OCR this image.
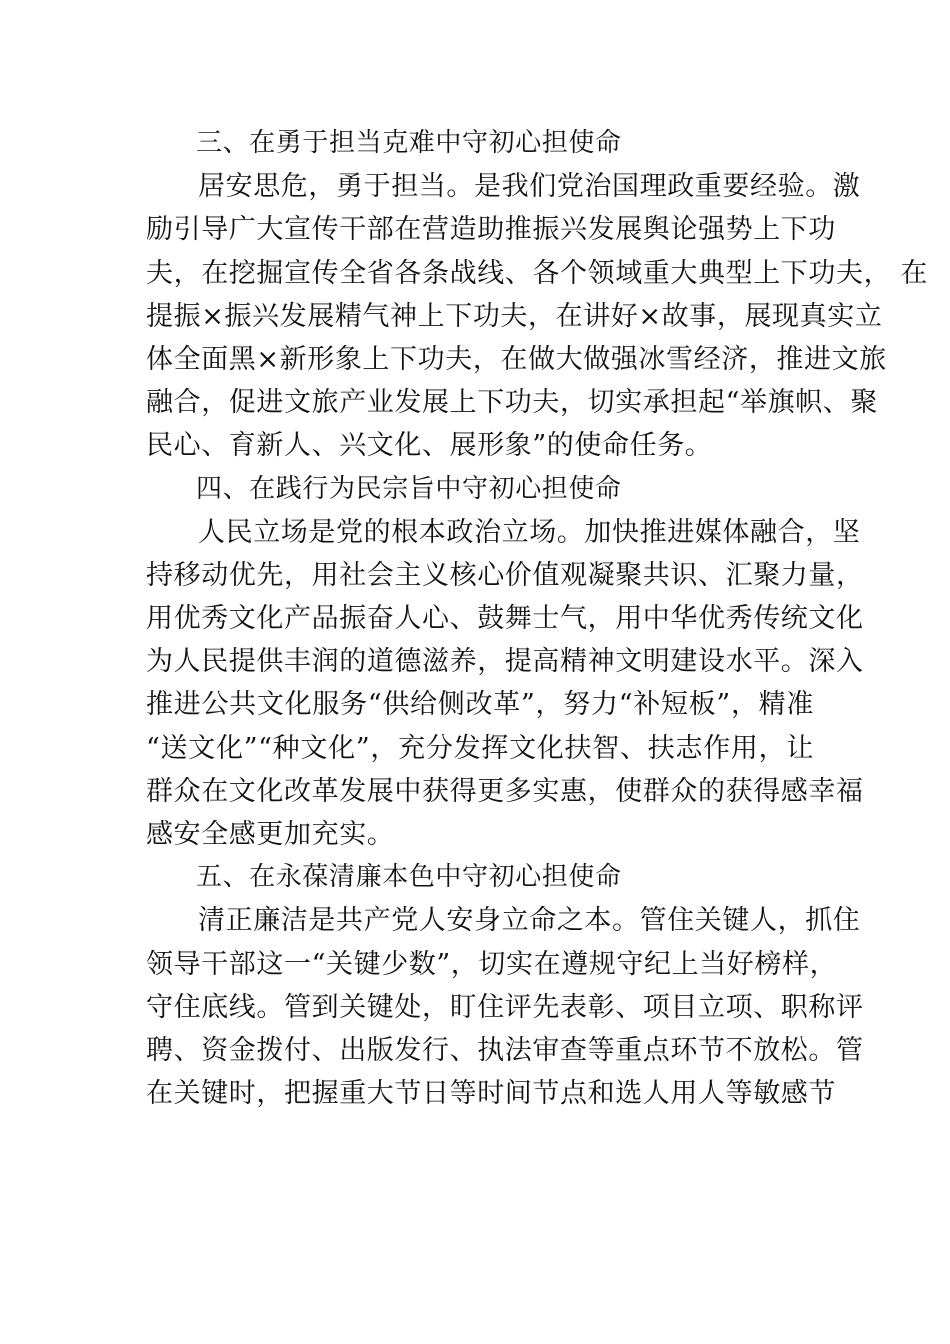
三、在勇于担当克难中守初心担使命
居安思危，勇于担当。是我们党治国理政重要经验。激
励引导广大宣传干部在营造助推振兴发展舆论强势上下功
夫，在挖掘宣传全省各条战线、各个领域重大典型上下功夫， 在
提振×振兴发展精气神上下功夫，在讲好×故事，展现真实立
体全面黑×新形象上下功夫，在做大做强冰雪经济，推进文旅
融合，促进文旅产业发展上下功夫，切实承担起“举旗帜、聚
民心、育新人、兴文化、展形象”的使命任务。
四、在践行为民宗旨中守初心担使命
人民立场是党的根本政治立场。加快推进媒体融合，坚
持移动优先，用社会主义核心价值观凝聚共识、汇聚力量，
用优秀文化产品振奋人心、鼓舞士气，用中华优秀传统文化
为人民提供丰润的道德滋养，提高精神文明建设水平。深入
推进公共文化服务“供给侧改革”，努力“补短板”，精准
“送文化”“种文化”，充分发挥文化扶智、扶志作用，让
群众在文化改革发展中获得更多实惠，使群众的获得感幸福
感安全感更加充实。
五、在永葆清廉本色中守初心担使命
清正廉洁是共产党人安身立命之本。管住关键人，抓住
领导干部这一“关键少数”，切实在遵规守纪上当好榜样，
守住底线。管到关键处，盯住评先表彰、项目立项、职称评
聘、资金拨付、出版发行、执法审查等重点环节不放松。管
在关键时，把握重大节日等时间节点和选人用人等敏感节
